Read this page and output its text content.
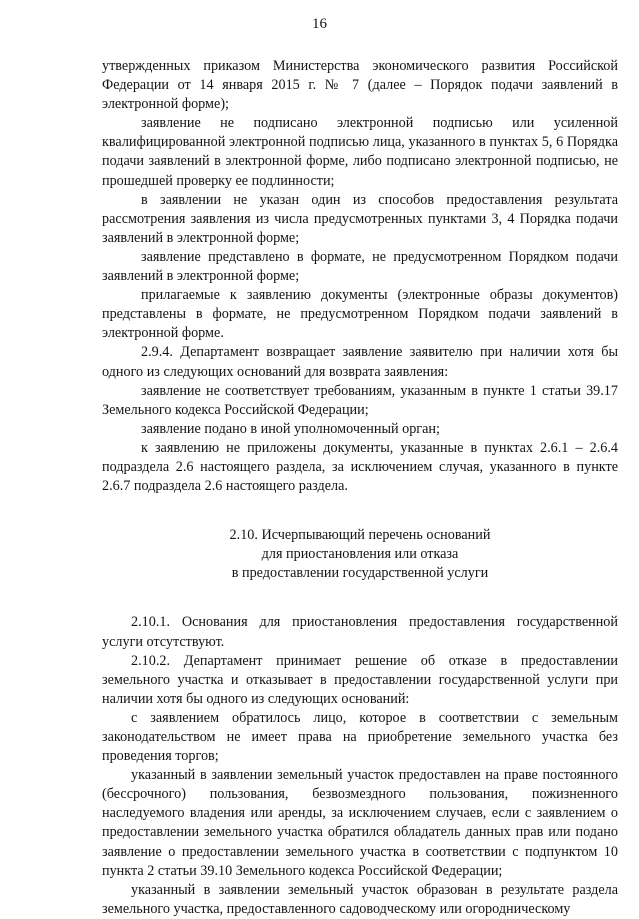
16

утвержденных приказом Министерства экономического развития Российской Федерации от 14 января 2015 г. № 7 (далее – Порядок подачи заявлений в электронной форме);

заявление не подписано электронной подписью или усиленной квалифицированной электронной подписью лица, указанного в пунктах 5, 6 Порядка подачи заявлений в электронной форме, либо подписано электронной подписью, не прошедшей проверку ее подлинности;

в заявлении не указан один из способов предоставления результата рассмотрения заявления из числа предусмотренных пунктами 3, 4 Порядка подачи заявлений в электронной форме;

заявление представлено в формате, не предусмотренном Порядком подачи заявлений в электронной форме;

прилагаемые к заявлению документы (электронные образы документов) представлены в формате, не предусмотренном Порядком подачи заявлений в электронной форме.

2.9.4. Департамент возвращает заявление заявителю при наличии хотя бы одного из следующих оснований для возврата заявления:

заявление не соответствует требованиям, указанным в пункте 1 статьи 39.17 Земельного кодекса Российской Федерации;

заявление подано в иной уполномоченный орган;

к заявлению не приложены документы, указанные в пунктах 2.6.1 – 2.6.4 подраздела 2.6 настоящего раздела, за исключением случая, указанного в пункте 2.6.7 подраздела 2.6 настоящего раздела.

2.10. Исчерпывающий перечень оснований
для приостановления или отказа
в предоставлении государственной услуги

2.10.1. Основания для приостановления предоставления государственной услуги отсутствуют.

2.10.2. Департамент принимает решение об отказе в предоставлении земельного участка и отказывает в предоставлении государственной услуги при наличии хотя бы одного из следующих оснований:

с заявлением обратилось лицо, которое в соответствии с земельным законодательством не имеет права на приобретение земельного участка без проведения торгов;

указанный в заявлении земельный участок предоставлен на праве постоянного (бессрочного) пользования, безвозмездного пользования, пожизненного наследуемого владения или аренды, за исключением случаев, если с заявлением о предоставлении земельного участка обратился обладатель данных прав или подано заявление о предоставлении земельного участка в соответствии с подпунктом 10 пункта 2 статьи 39.10 Земельного кодекса Российской Федерации;

указанный в заявлении земельный участок образован в результате раздела земельного участка, предоставленного садоводческому или огородническому
